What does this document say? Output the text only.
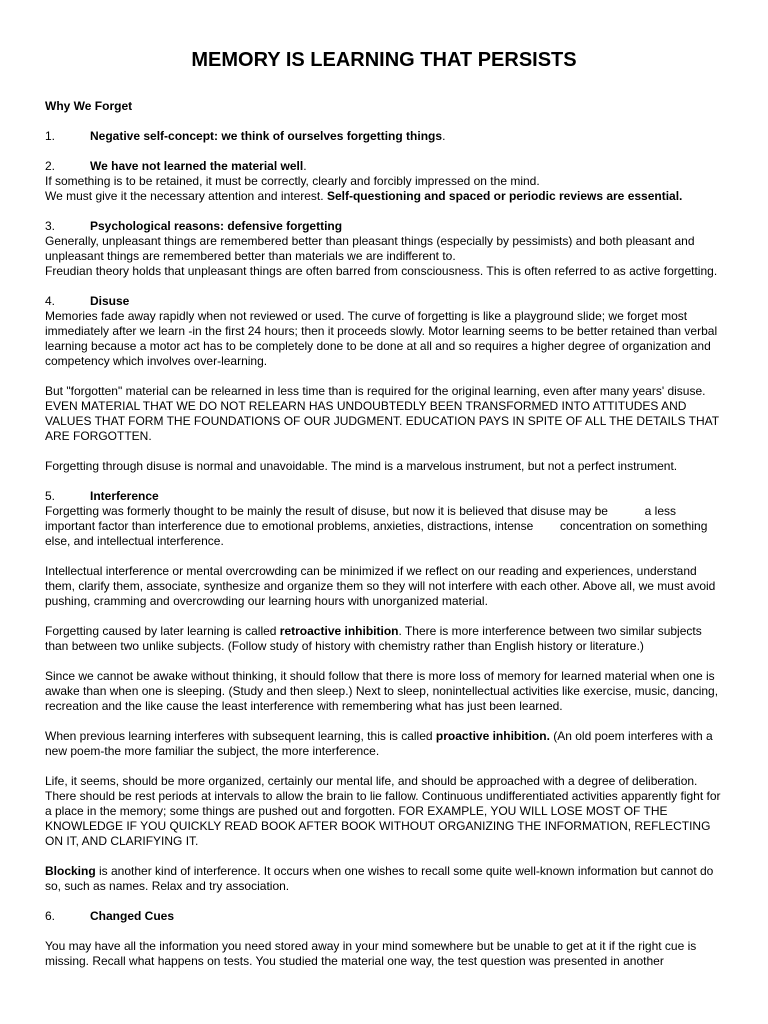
MEMORY IS LEARNING THAT PERSISTS
Why We Forget
1.	Negative self-concept: we think of ourselves forgetting things.
2.	We have not learned the material well.

If something is to be retained, it must be correctly, clearly and forcibly impressed on the mind.

We must give it the necessary attention and interest. Self-questioning and spaced or periodic reviews are essential.

3.	Psychological reasons: defensive forgetting

Generally, unpleasant things are remembered better than pleasant things (especially by pessimists) and both pleasant and unpleasant things are remembered better than materials we are indifferent to.

Freudian theory holds that unpleasant things are often barred from consciousness. This is often referred to as active forgetting.

4.	Disuse

Memories fade away rapidly when not reviewed or used. The curve of forgetting is like a playground slide; we forget most immediately after we learn -in the first 24 hours; then it proceeds slowly. Motor learning seems to be better retained than verbal learning because a motor act has to be completely done to be done at all and so requires a higher degree of organization and competency which involves over-learning.

But "forgotten" material can be relearned in less time than is required for the original learning, even after many years' disuse. EVEN MATERIAL THAT WE DO NOT RELEARN HAS UNDOUBTEDLY BEEN TRANSFORMED INTO ATTITUDES AND VALUES THAT FORM THE FOUNDATIONS OF OUR JUDGMENT. EDUCATION PAYS IN SPITE OF ALL THE DETAILS THAT ARE FORGOTTEN.

Forgetting through disuse is normal and unavoidable. The mind is a marvelous instrument, but not a perfect instrument.

5.	Interference

Forgetting was formerly thought to be mainly the result of disuse, but now it is believed that disuse may be	a less important factor than interference due to emotional problems, anxieties, distractions, intense concentration on something else, and intellectual interference.

Intellectual interference or mental overcrowding can be minimized if we reflect on our reading and experiences, understand them, clarify them, associate, synthesize and organize them so they will not interfere with each other. Above all, we must avoid pushing, cramming and overcrowding our learning hours with unorganized material.

Forgetting caused by later learning is called retroactive inhibition. There is more interference between two similar subjects than between two unlike subjects. (Follow study of history with chemistry rather than English history or literature.)

Since we cannot be awake without thinking, it should follow that there is more loss of memory for learned material when one is awake than when one is sleeping. (Study and then sleep.) Next to sleep, nonintellectual activities like exercise, music, dancing, recreation and the like cause the least interference with remembering what has just been learned.

When previous learning interferes with subsequent learning, this is called proactive inhibition. (An old poem interferes with a new poem-the more familiar the subject, the more interference.

Life, it seems, should be more organized, certainly our mental life, and should be approached with a degree of deliberation. There should be rest periods at intervals to allow the brain to lie fallow. Continuous undifferentiated activities apparently fight for a place in the memory; some things are pushed out and forgotten. FOR EXAMPLE, YOU WILL LOSE MOST OF THE KNOWLEDGE IF YOU QUICKLY READ BOOK AFTER BOOK WITHOUT ORGANIZING THE INFORMATION, REFLECTING ON IT, AND CLARIFYING IT.

Blocking is another kind of interference. It occurs when one wishes to recall some quite well-known information but cannot do so, such as names. Relax and try association.

6.	Changed Cues

You may have all the information you need stored away in your mind somewhere but be unable to get at it if the right cue is missing. Recall what happens on tests. You studied the material one way, the test question was presented in another
